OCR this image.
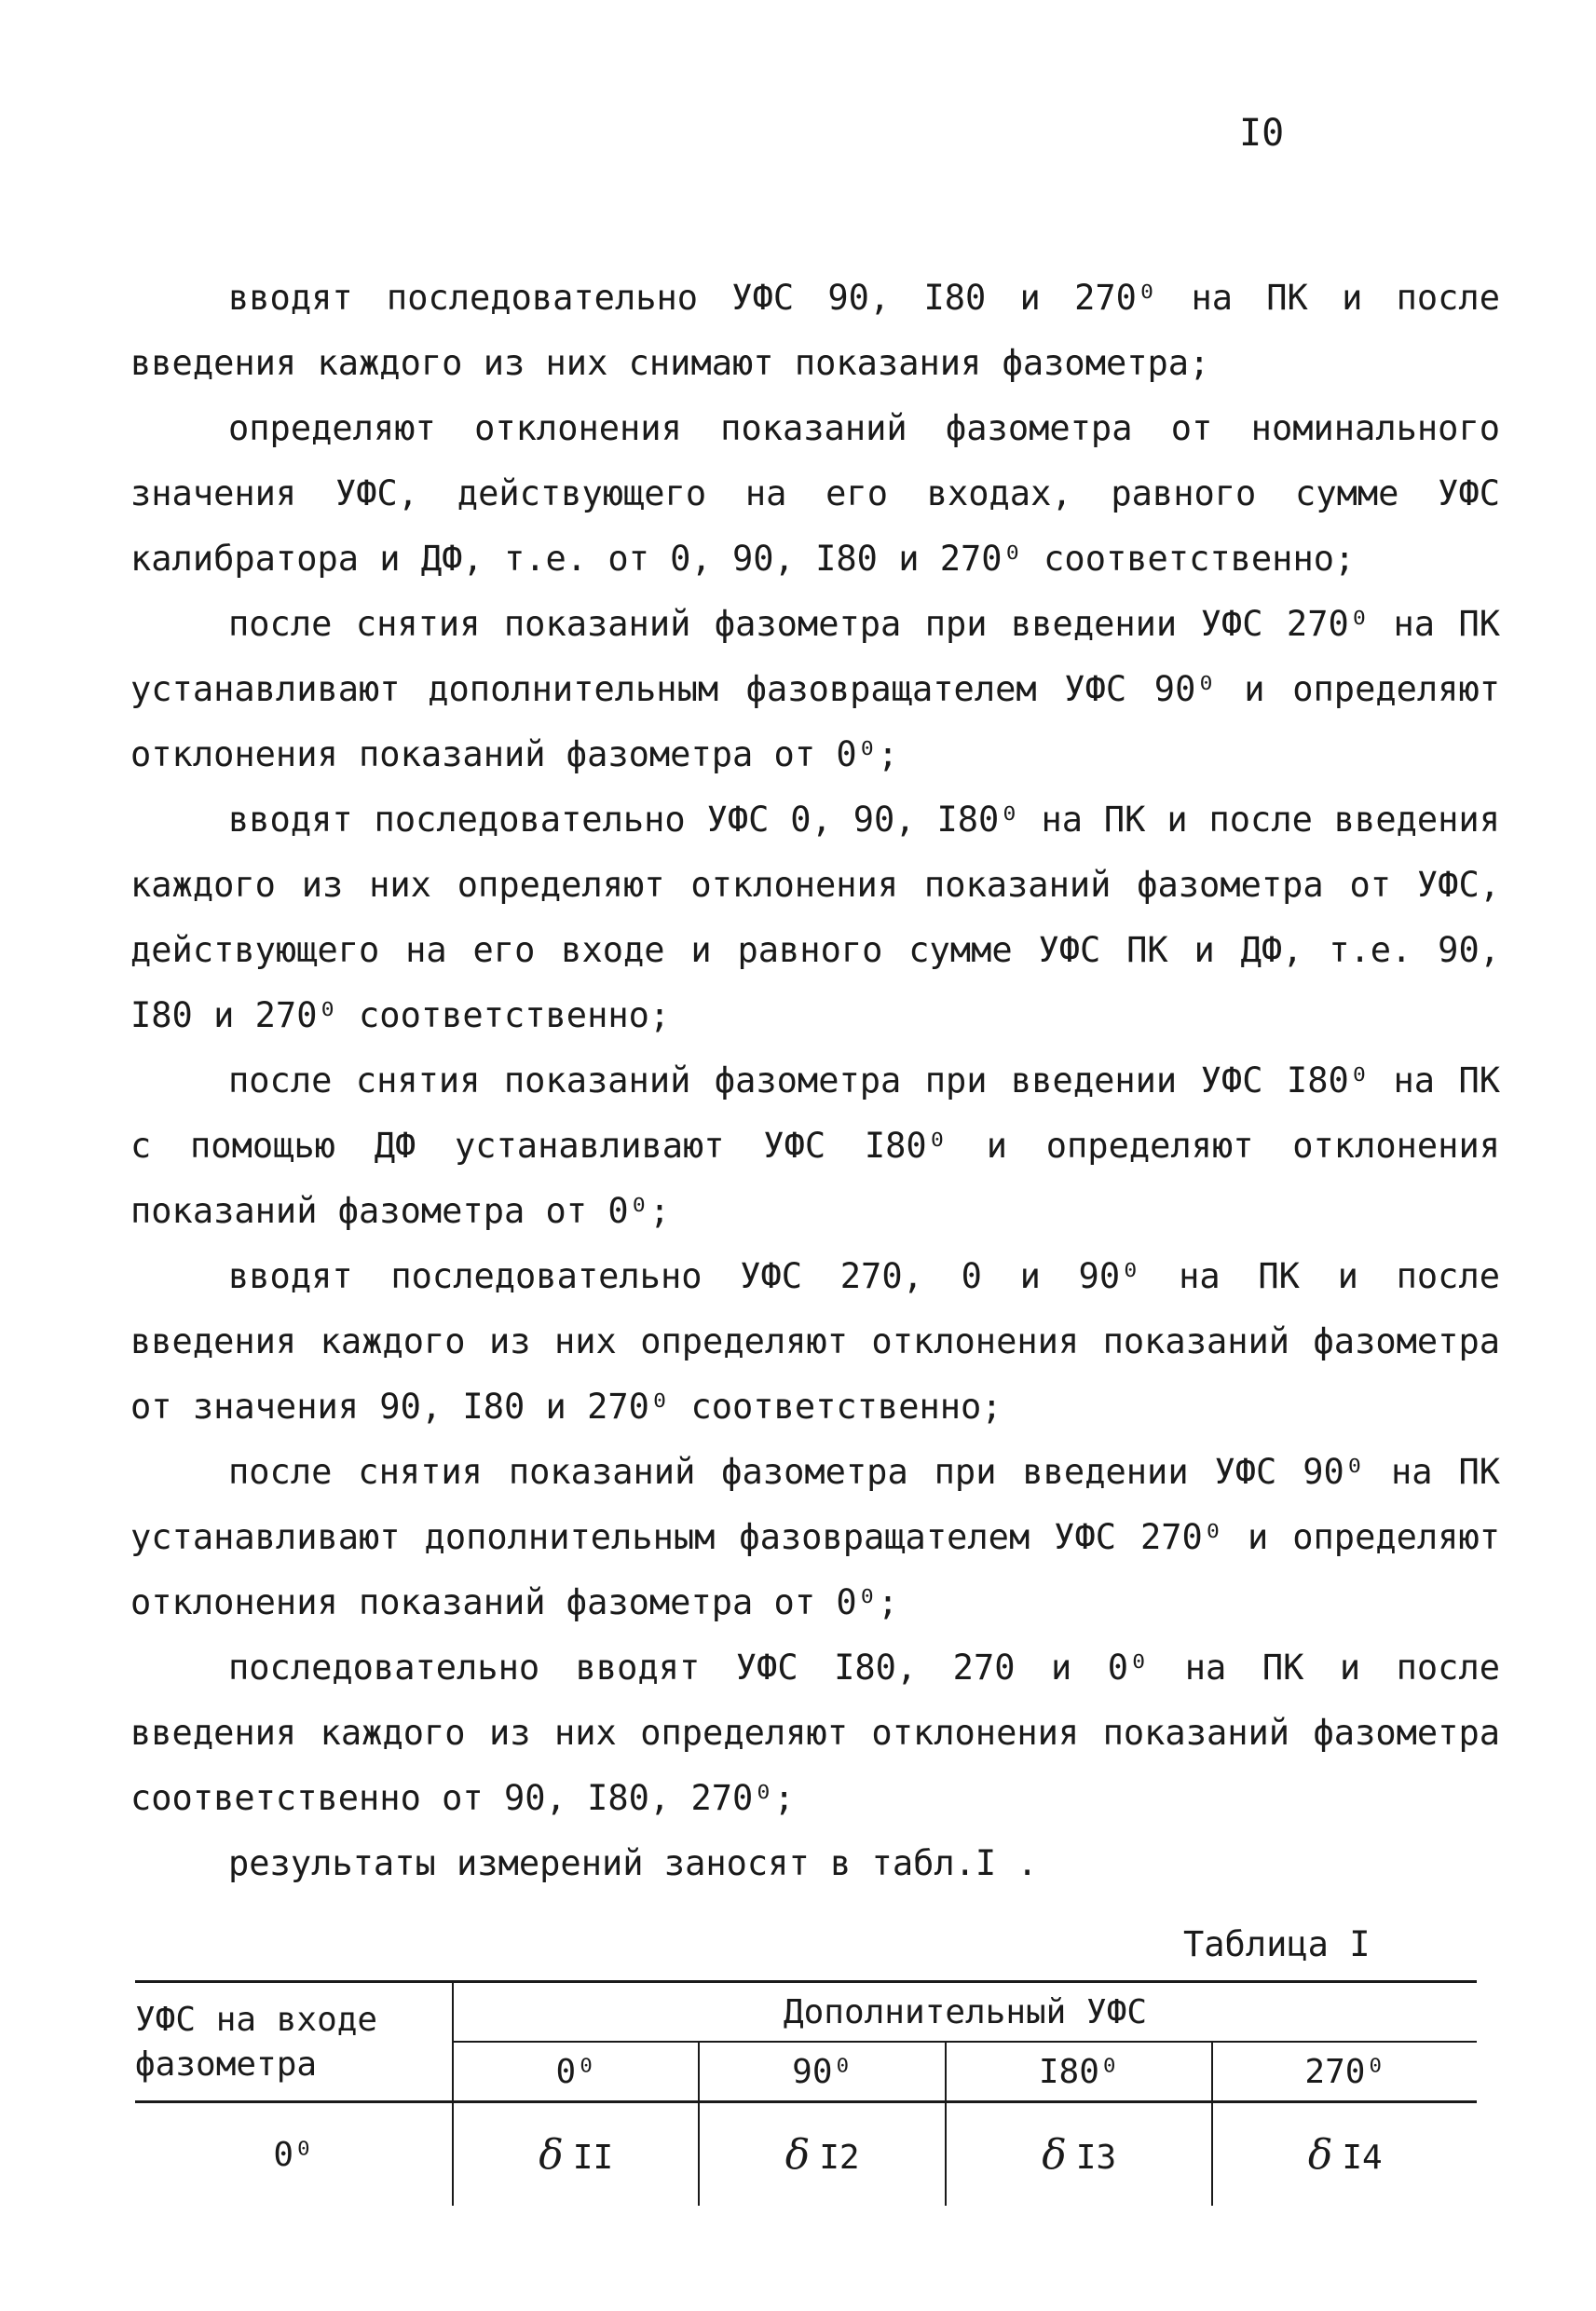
I0

вводят последовательно УФС 90, I80 и 270⁰ на ПК и после введения каждого из них снимают показания фазометра;

определяют отклонения показаний фазометра от номинального значения УФС, действующего на его входах, равного сумме УФС калибратора и ДФ, т.е. от 0, 90, I80 и 270⁰ соответственно;

после снятия показаний фазометра при введении УФС 270⁰ на ПК устанавливают дополнительным фазовращателем УФС 90⁰ и определяют отклонения показаний фазометра от 0⁰;

вводят последовательно УФС 0, 90, I80⁰ на ПК и после введения каждого из них определяют отклонения показаний фазометра от УФС, действующего на его входе и равного сумме УФС ПК и ДФ, т.е. 90, I80 и 270⁰ соответственно;

после снятия показаний фазометра при введении УФС I80⁰ на ПК с помощью ДФ устанавливают УФС I80⁰ и определяют отклонения показаний фазометра от 0⁰;

вводят последовательно УФС 270, 0 и 90⁰ на ПК и после введения каждого из них определяют отклонения показаний фазометра от значения 90, I80 и 270⁰ соответственно;

после снятия показаний фазометра при введении УФС 90⁰ на ПК устанавливают дополнительным фазовращателем УФС 270⁰ и определяют отклонения показаний фазометра от 0⁰;

последовательно вводят УФС I80, 270 и 0⁰ на ПК и после введения каждого из них определяют отклонения показаний фазометра соответственно от 90, I80, 270⁰;

результаты измерений заносят в табл.I .

Таблица I
УФС на входе фазометра	Дополнительный УФС			
	0⁰	90⁰	I80⁰	270⁰
0⁰	δ II	δ I2	δ I3	δ I4
